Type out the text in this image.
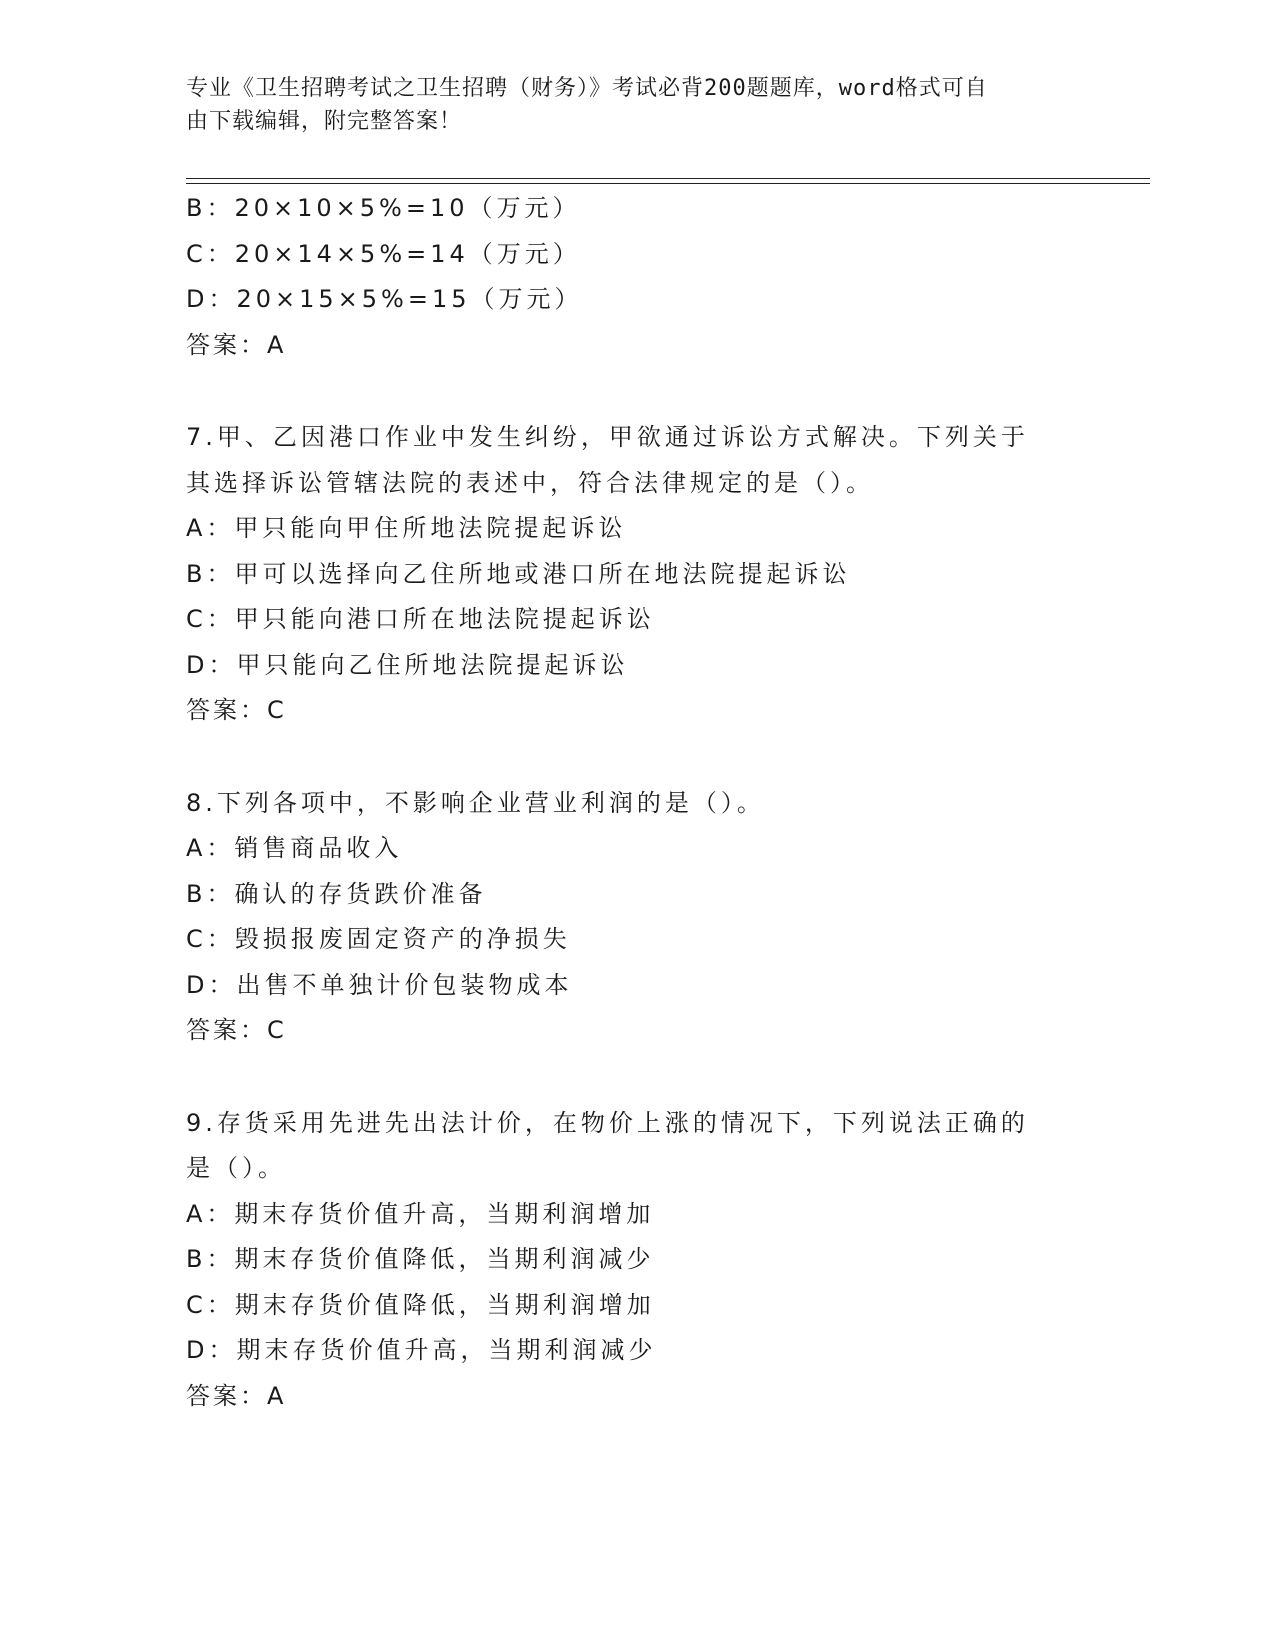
专业《卫生招聘考试之卫生招聘（财务）》考试必背200题题库，word格式可自
由下载编辑，附完整答案！
B：20×10×5%=10（万元）
C：20×14×5%=14（万元）
D：20×15×5%=15（万元）
答案：A
7.甲、乙因港口作业中发生纠纷，甲欲通过诉讼方式解决。下列关于
其选择诉讼管辖法院的表述中，符合法律规定的是（）。
A：甲只能向甲住所地法院提起诉讼
B：甲可以选择向乙住所地或港口所在地法院提起诉讼
C：甲只能向港口所在地法院提起诉讼
D：甲只能向乙住所地法院提起诉讼
答案：C
8.下列各项中，不影响企业营业利润的是（）。
A：销售商品收入
B：确认的存货跌价准备
C：毁损报废固定资产的净损失
D：出售不单独计价包装物成本
答案：C
9.存货采用先进先出法计价，在物价上涨的情况下，下列说法正确的
是（）。
A：期末存货价值升高，当期利润增加
B：期末存货价值降低，当期利润减少
C：期末存货价值降低，当期利润增加
D：期末存货价值升高，当期利润减少
答案：A
